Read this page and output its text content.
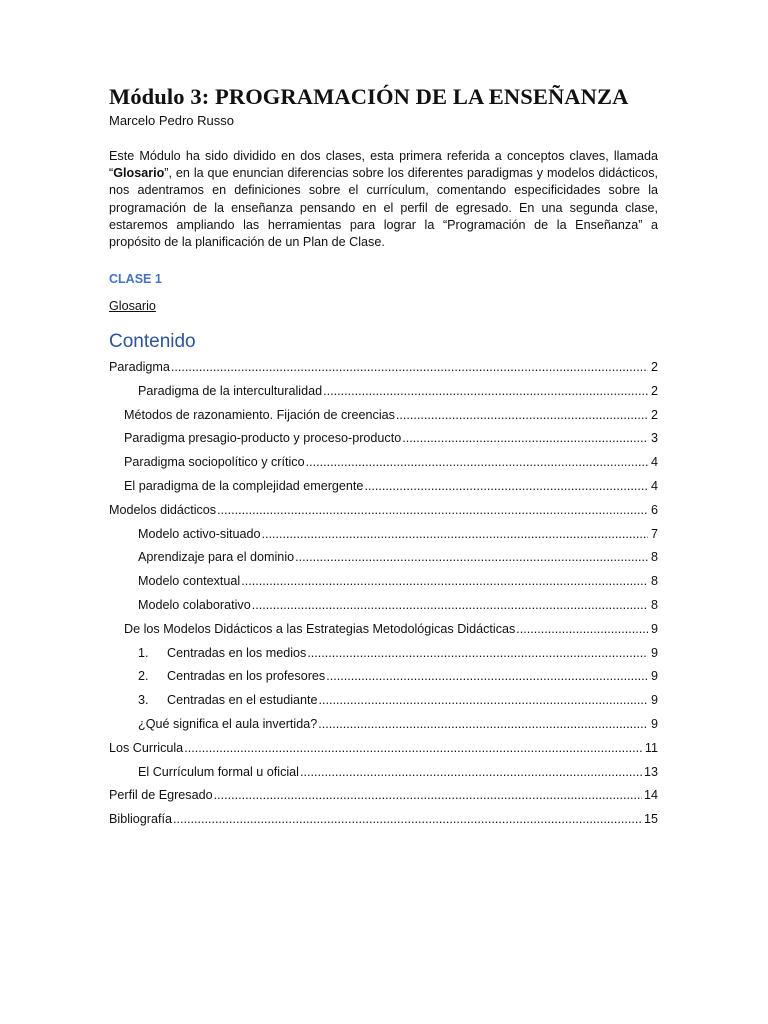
Módulo 3: PROGRAMACIÓN DE LA ENSEÑANZA
Marcelo Pedro Russo
Este Módulo ha sido dividido en dos clases, esta primera referida a conceptos claves, llamada
“Glosario”, en la que enuncian diferencias sobre los diferentes paradigmas y modelos didácticos,
nos adentramos en definiciones sobre el currículum, comentando especificidades sobre la
programación de la enseñanza pensando en el perfil de egresado. En una segunda clase,
estaremos ampliando las herramientas para lograr la “Programación de la Enseñanza” a
propósito de la planificación de un Plan de Clase.
CLASE 1
Glosario
Contenido
Paradigma .....	2
Paradigma de la interculturalidad .....	2
Métodos de razonamiento. Fijación de creencias .....	2
Paradigma presagio-producto y proceso-producto .....	3
Paradigma sociopolítico y crítico .....	4
El paradigma de la complejidad emergente .....	4
Modelos didácticos .....	6
Modelo activo-situado .....	7
Aprendizaje para el dominio .....	8
Modelo contextual .....	8
Modelo colaborativo .....	8
De los Modelos Didácticos a las Estrategias Metodológicas Didácticas .....	9
1.	Centradas en los medios .....	9
2.	Centradas en los profesores .....	9
3.	Centradas en el estudiante .....	9
¿Qué significa el aula invertida? .....	9
Los Curricula .....	11
El Currículum formal u oficial .....	13
Perfil de Egresado .....	14
Bibliografía .....	15
